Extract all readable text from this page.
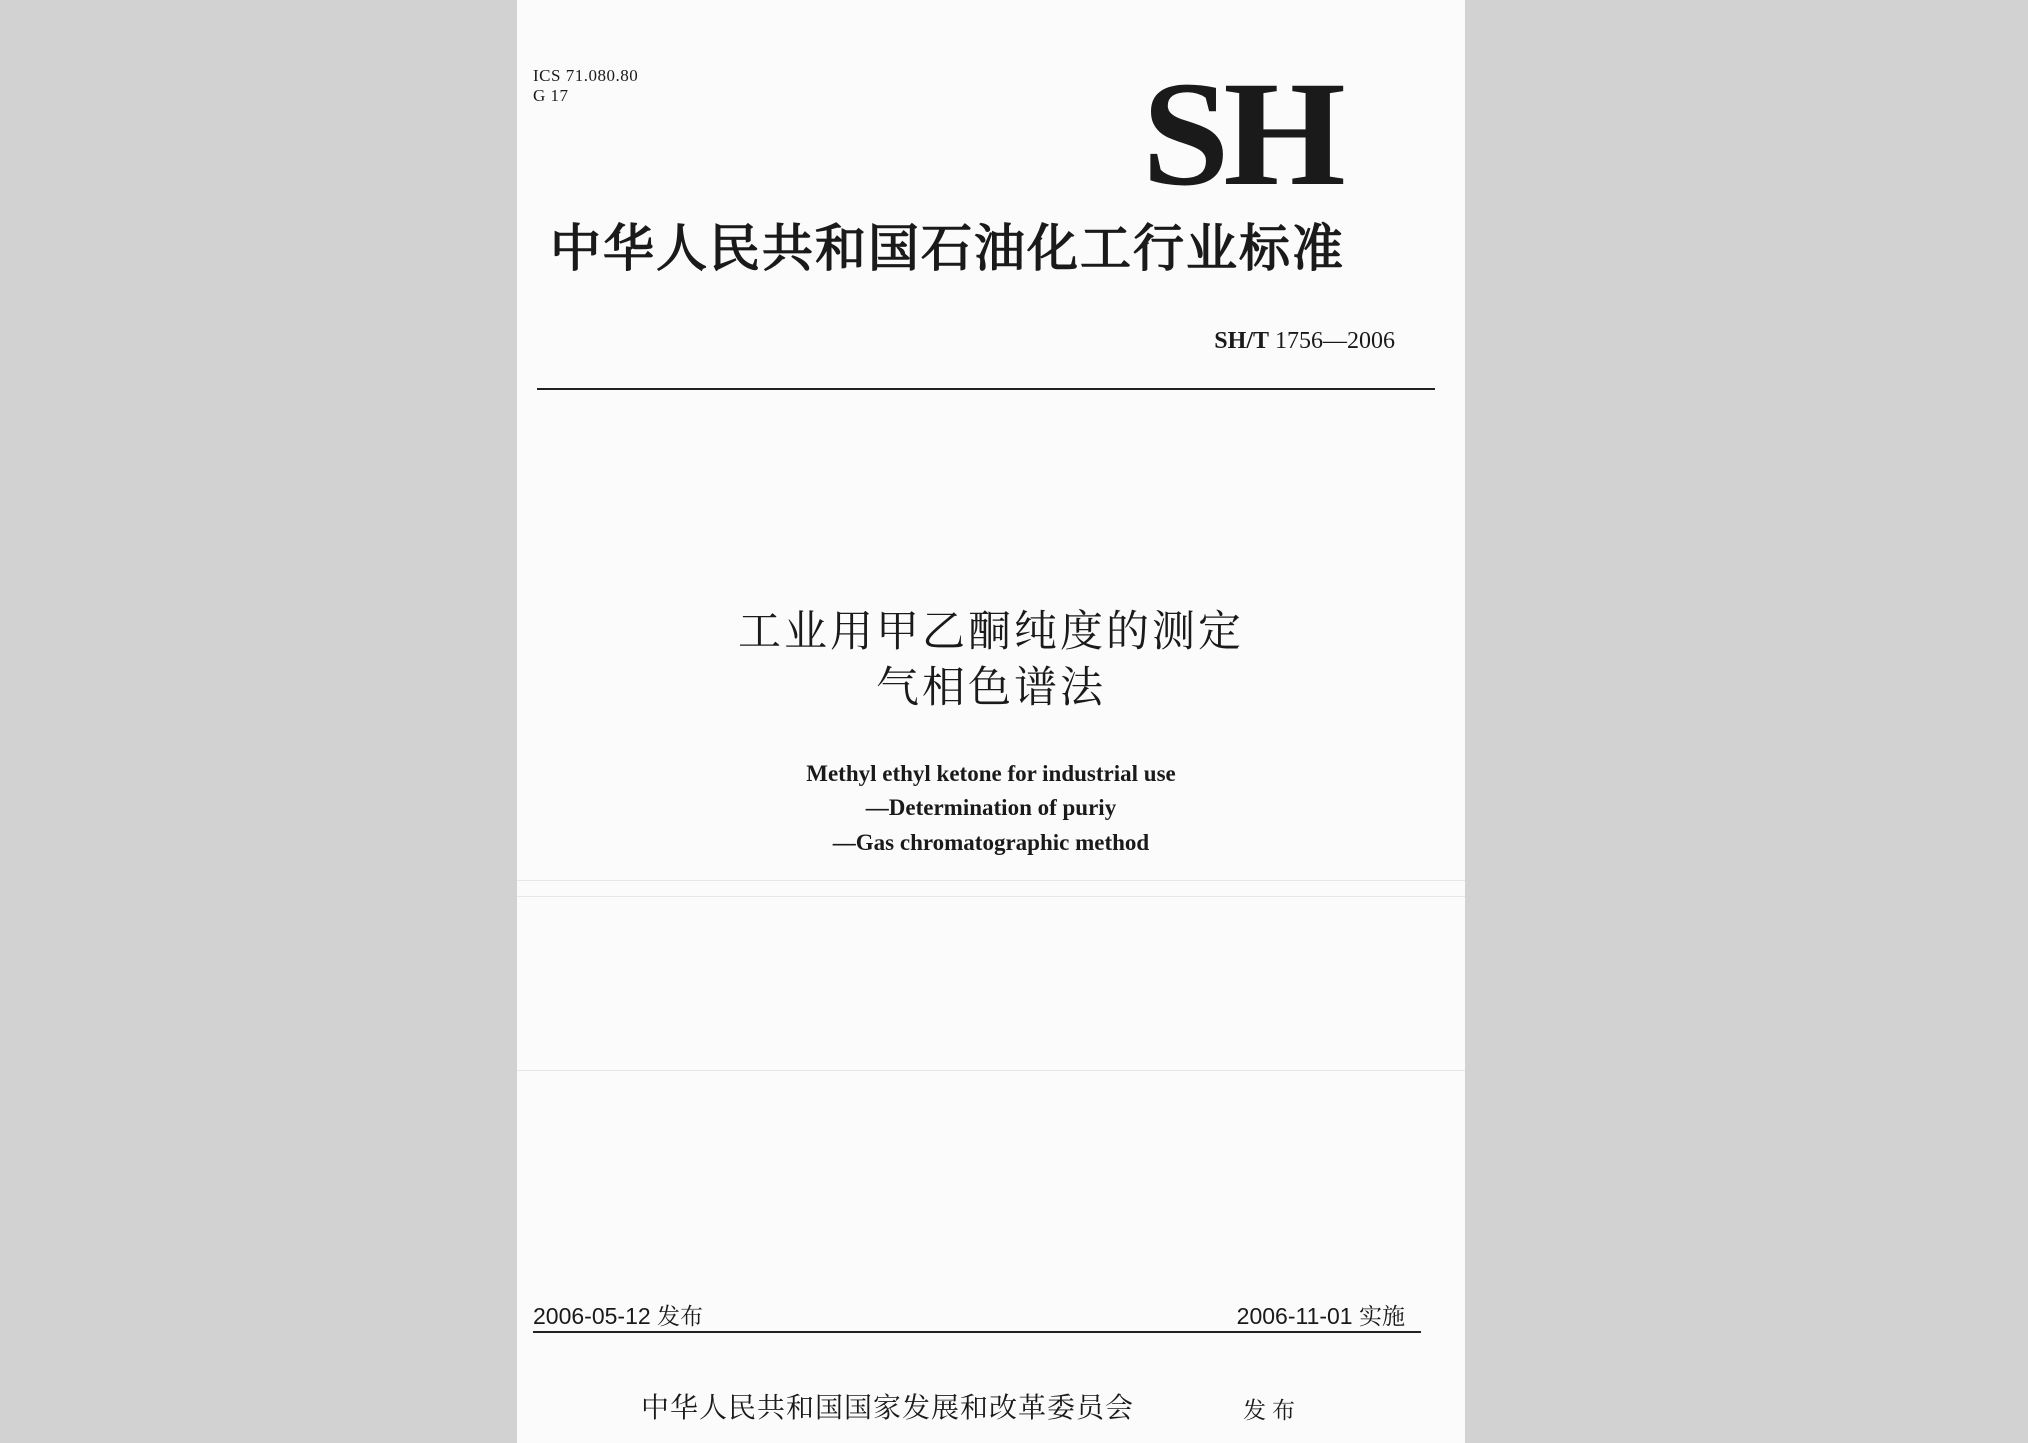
ICS 71.080.80
G 17	SH
中华人民共和国石油化工行业标准
SH/T 1756—2006
工业用甲乙酮纯度的测定
气相色谱法
Methyl ethyl ketone for industrial use
—Determination of puriy
—Gas chromatographic method
2006-05-12 发布	2006-11-01 实施
中华人民共和国国家发展和改革委员会	发布
